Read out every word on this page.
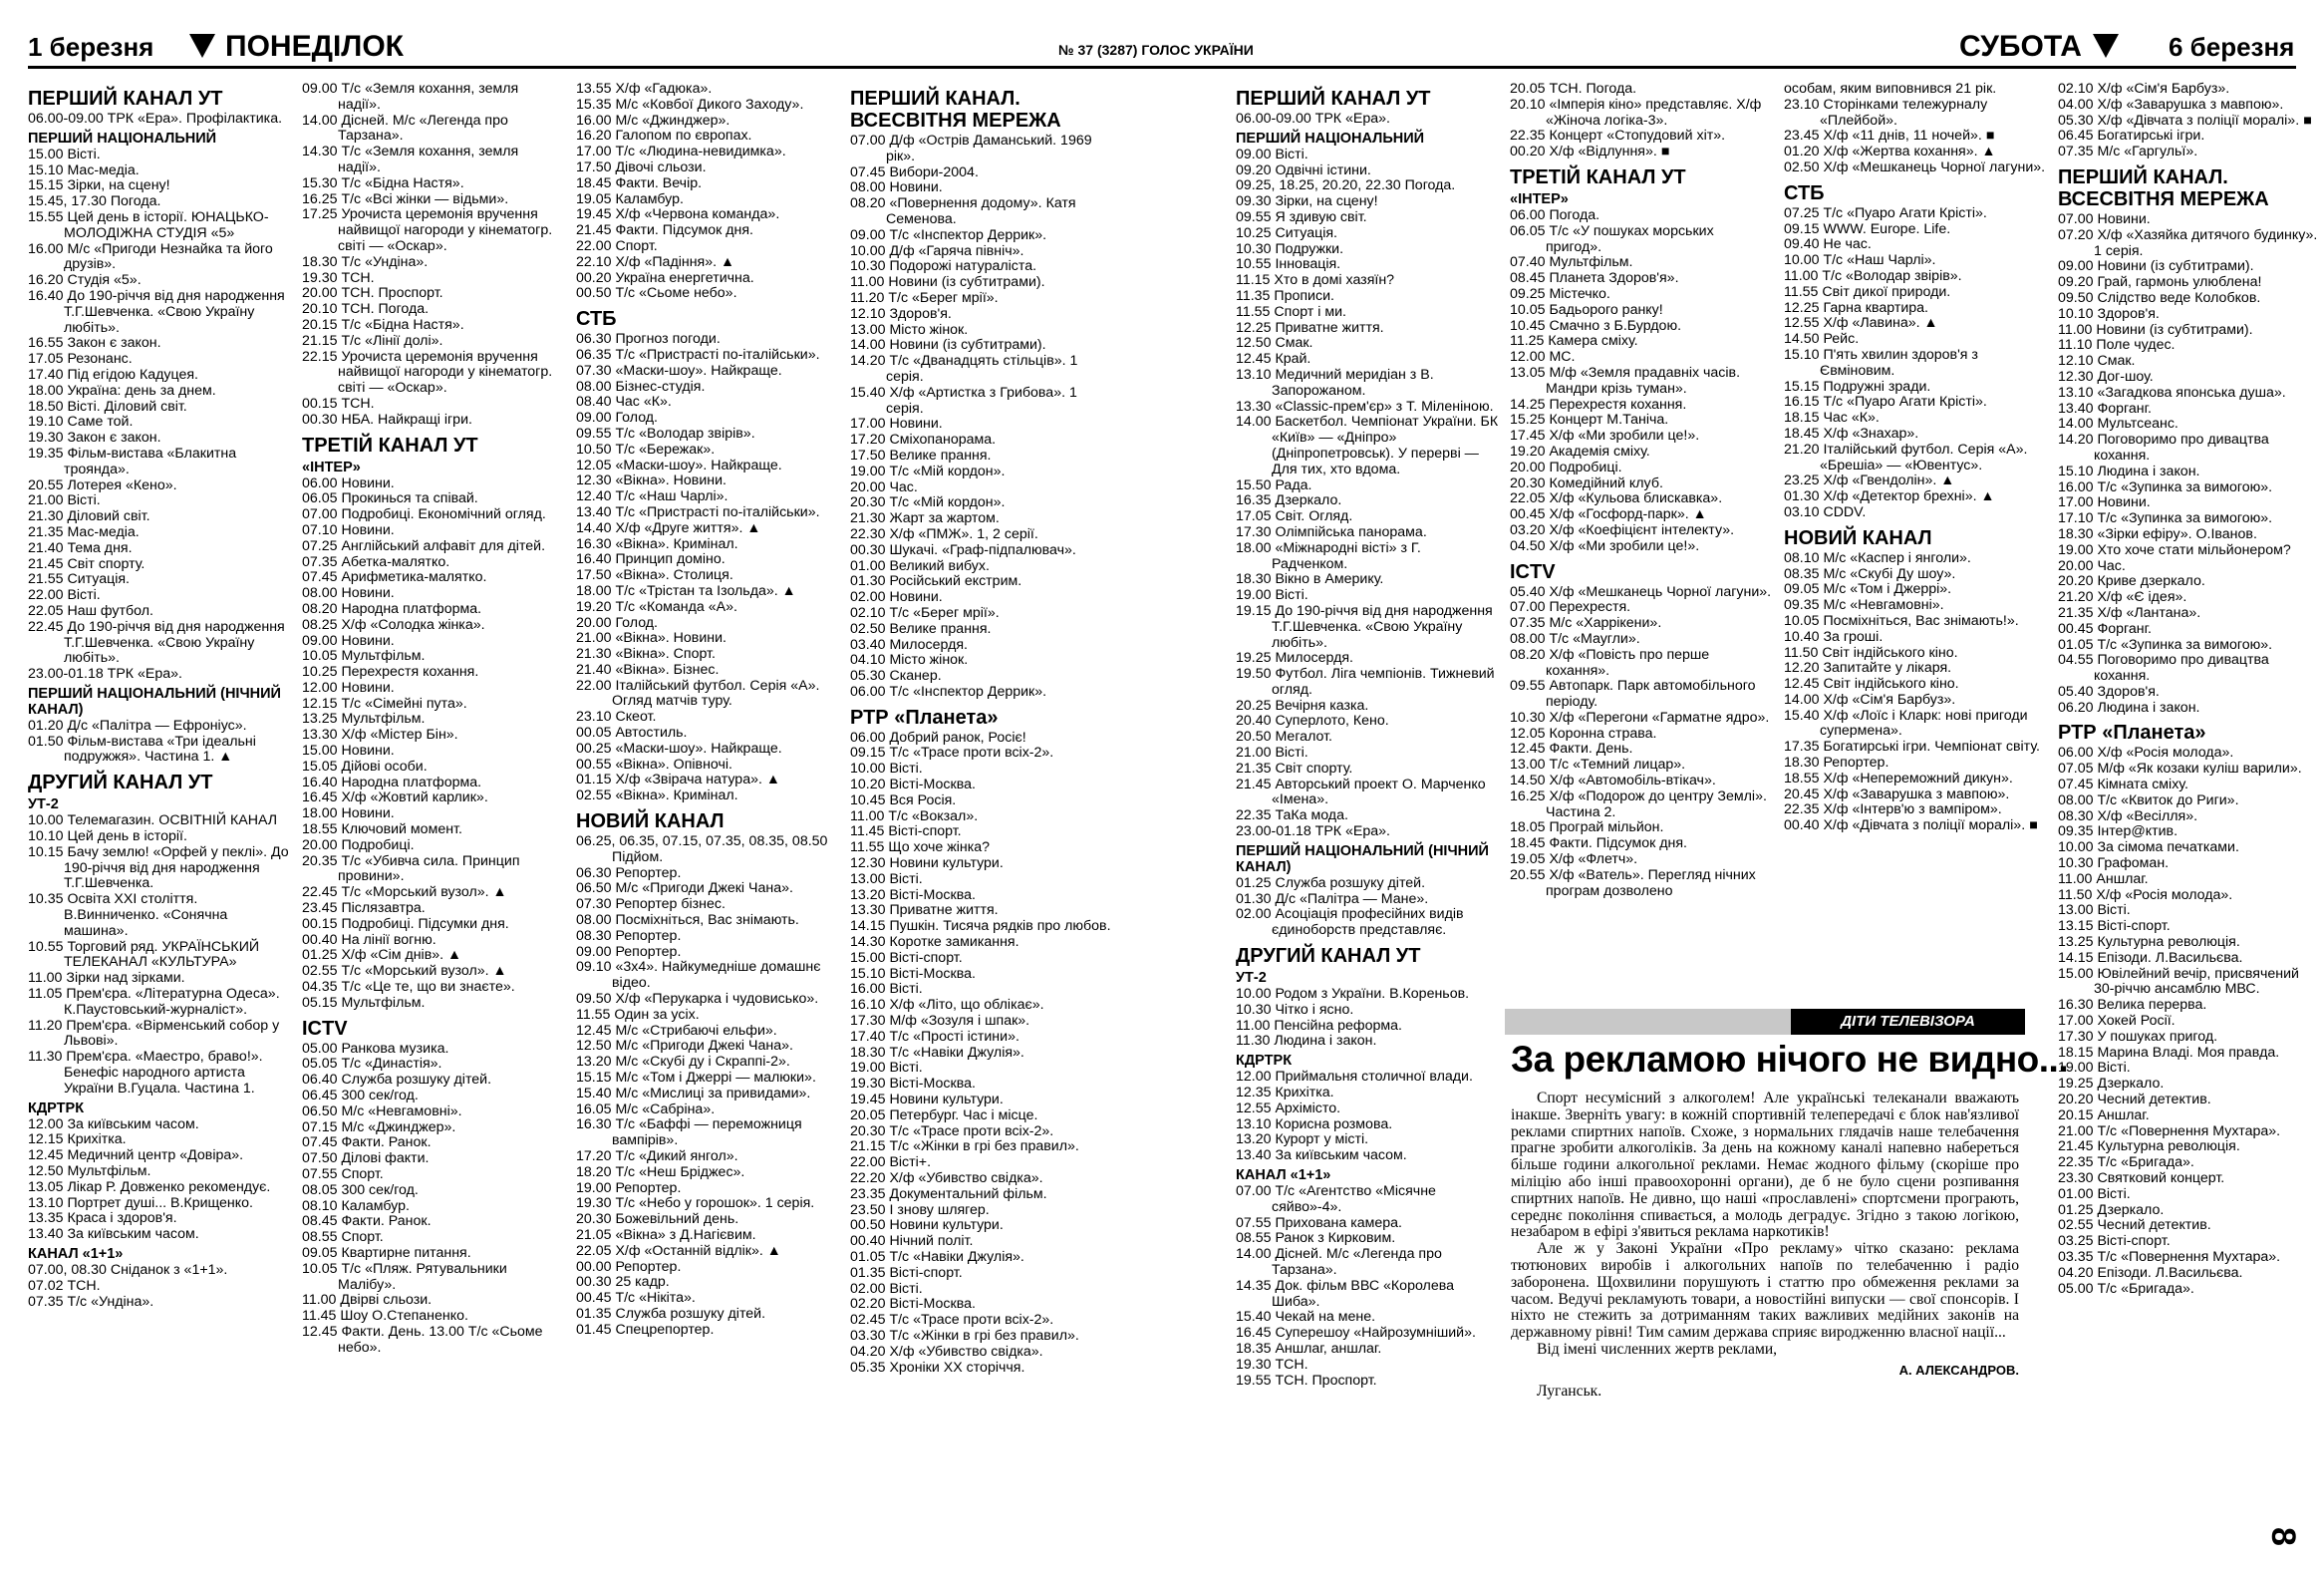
1 березня ПОНЕДІЛОК	№ 37 (3287) ГОЛОС УКРАЇНИ	СУБОТА	6 березня
ПЕРШИЙ КАНАЛ УТ

06.00-09.00 ТРК «Ера». Профілактика.

ПЕРШИЙ НАЦІОНАЛЬНИЙ

15.00 Вісті.

15.10 Мас-медіа.

15.15 Зірки, на сцену!

15.45, 17.30 Погода.

15.55 Цей день в історії. ЮНАЦЬКО-МОЛОДІЖНА СТУДІЯ «5»

16.00 М/с «Пригоди Незнайка та його друзів».

16.20 Студія «5».

16.40 До 190-річчя від дня народження Т.Г.Шевченка. «Свою Україну любіть».

16.55 Закон є закон.

17.05 Резонанс.

17.40 Під егідою Кадуцея.

18.00 Україна: день за днем.

18.50 Вісті. Діловий світ.

19.10 Саме той.

19.30 Закон є закон.

19.35 Фільм-вистава «Блакитна троянда».

20.55 Лотерея «Кено».

21.00 Вісті.

21.30 Діловий світ.

21.35 Мас-медіа.

21.40 Тема дня.

21.45 Світ спорту.

21.55 Ситуація.

22.00 Вісті.

22.05 Наш футбол.

22.45 До 190-річчя від дня народження Т.Г.Шевченка. «Свою Україну любіть».

23.00-01.18 ТРК «Ера».

ПЕРШИЙ НАЦІОНАЛЬНИЙ (НІЧНИЙ КАНАЛ)

01.20 Д/с «Палітра — Ефроніус».

01.50 Фільм-вистава «Три ідеальні подружжя». Частина 1. ▲

ДРУГИЙ КАНАЛ УТ
УТ-2

10.00 Телемагазин. ОСВІТНІЙ КАНАЛ

10.10 Цей день в історії.

10.15 Бачу землю! «Орфей у пеклі». До 190-річчя від дня народження Т.Г.Шевченка.

10.35 Освіта XXI століття. В.Винниченко. «Сонячна машина».

10.55 Торговий ряд. УКРАЇНСЬКИЙ ТЕЛЕКАНАЛ «КУЛЬТУРА»

11.00 Зірки над зірками.

11.05 Прем'єра. «Літературна Одеса». К.Паустовський-журналіст».

11.20 Прем'єра. «Вірменський собор у Львові».

11.30 Прем'єра. «Маестро, браво!». Бенефіс народного артиста України В.Гуцала. Частина 1.

КДРТРК

12.00 За київським часом.

12.15 Крихітка.

12.45 Медичний центр «Довіра».

12.50 Мультфільм.

13.05 Лікар Р. Довженко рекомендує.

13.10 Портрет душі... В.Крищенко.

13.35 Краса і здоров'я.

13.40 За київським часом.

КАНАЛ «1+1»

07.00, 08.30 Сніданок з «1+1».

07.02 ТСН.

07.35 Т/с «Ундіна».

09.00 Т/с «Земля кохання, земля надії».

14.00 Дісней. М/с «Легенда про Тарзана».

14.30 Т/с «Земля кохання, земля надії».

15.30 Т/с «Бідна Настя».

16.25 Т/с «Всі жінки — відьми».

17.25 Урочиста церемонія вручення найвищої нагороди у кінематогр. світі — «Оскар».

18.30 Т/с «Ундіна».

19.30 ТСН.

20.00 ТСН. Проспорт.

20.10 ТСН. Погода.

20.15 Т/с «Бідна Настя».

21.15 Т/с «Лінії долі».

22.15 Урочиста церемонія вручення найвищої нагороди у кінематогр. світі — «Оскар».

00.15 ТСН.

00.30 НБА. Найкращі ігри.

ТРЕТІЙ КАНАЛ УТ
«ІНТЕР»

06.00 Новини.

06.05 Прокинься та співай.

07.00 Подробиці. Економічний огляд.

07.10 Новини.

07.25 Англійський алфавіт для дітей.

07.35 Абетка-малятко.

07.45 Арифметика-малятко.

08.00 Новини.

08.20 Народна платформа.

08.25 Х/ф «Солодка жінка».

09.00 Новини.

10.05 Мультфільм.

10.25 Перехрестя кохання.

12.00 Новини.

12.15 Т/с «Сімейні пута».

13.25 Мультфільм.

13.30 Х/ф «Містер Бін».

15.00 Новини.

15.05 Дійові особи.

16.40 Народна платформа.

16.45 Х/ф «Жовтий карлик».

18.00 Новини.

18.55 Ключовий момент.

20.00 Подробиці.

20.35 Т/с «Убивча сила. Принцип провини».

22.45 Т/с «Морський вузол». ▲

23.45 Післязавтра.

00.15 Подробиці. Підсумки дня.

00.40 На лінії вогню.

01.25 Х/ф «Сім днів». ▲

02.55 Т/с «Морський вузол». ▲

04.35 Т/с «Це те, що ви знаєте».

05.15 Мультфільм.

ICTV

05.00 Ранкова музика.

05.05 Т/с «Династія».

06.40 Служба розшуку дітей.

06.45 300 сек/год.

06.50 М/с «Невгамовні».

07.15 М/с «Джинджер».

07.45 Факти. Ранок.

07.50 Ділові факти.

07.55 Спорт.

08.05 300 сек/год.

08.10 Каламбур.

08.45 Факти. Ранок.

08.55 Спорт.

09.05 Квартирне питання.

10.05 Т/с «Пляж. Рятувальники Малібу».

11.00 Двірві сльози.

11.45 Шоу О.Степаненко.

12.45 Факти. День. 13.00 Т/с «Сьоме небо».

13.55 Х/ф «Гадюка».

15.35 М/с «Ковбої Дикого Заходу».

16.00 М/с «Джинджер».

16.20 Галопом по європах.

17.00 Т/с «Людина-невидимка».

17.50 Дівочі сльози.

18.45 Факти. Вечір.

19.05 Каламбур.

19.45 Х/ф «Червона команда».

21.45 Факти. Підсумок дня.

22.00 Спорт.

22.10 Х/ф «Падіння». ▲

00.20 Україна енергетична.

00.50 Т/с «Сьоме небо».

СТБ

06.30 Прогноз погоди.

06.35 Т/с «Пристрасті по-італійськи».

07.30 «Маски-шоу». Найкраще.

08.00 Бізнес-студія.

08.40 Час «К».

09.00 Голод.

09.55 Т/с «Володар звірів».

10.50 Т/с «Бережак».

12.05 «Маски-шоу». Найкраще.

12.30 «Вікна». Новини.

12.40 Т/с «Наш Чарлі».

13.40 Т/с «Пристрасті по-італійськи».

14.40 Х/ф «Друге життя». ▲

16.30 «Вікна». Кримінал.

16.40 Принцип доміно.

17.50 «Вікна». Столиця.

18.00 Т/с «Трістан та Ізольда». ▲

19.20 Т/с «Команда «А».

20.00 Голод.

21.00 «Вікна». Новини.

21.30 «Вікна». Спорт.

21.40 «Вікна». Бізнес.

22.00 Італійський футбол. Серія «А». Огляд матчів туру.

23.10 Скеот.

00.05 Автостиль.

00.25 «Маски-шоу». Найкраще.

00.55 «Вікна». Опівночі.

01.15 Х/ф «Звірача натура». ▲

02.55 «Вікна». Кримінал.

НОВИЙ КАНАЛ

06.25, 06.35, 07.15, 07.35, 08.35, 08.50 Підйом.

06.30 Репортер.

06.50 М/с «Пригоди Джекі Чана».

07.30 Репортер бізнес.

08.00 Посміхніться, Вас знімають.

08.30 Репортер.

09.00 Репортер.

09.10 «3х4». Найкумедніше домашнє відео.

09.50 Х/ф «Перукарка і чудовисько».

11.55 Один за усіх.

12.45 М/с «Стрибаючі ельфи».

12.50 М/с «Пригоди Джекі Чана».

13.20 М/с «Скубі ду і Скраппі-2».

15.15 М/с «Том і Джеррі — малюки».

15.40 М/с «Мислиці за привидами».

16.05 М/с «Сабріна».

16.30 Т/с «Баффі — переможниця вампірів».

17.20 Т/с «Дикий янгол».

18.20 Т/с «Неш Бріджес».

19.00 Репортер.

19.30 Т/с «Небо у горошок». 1 серія.

20.30 Божевільний день.

21.05 «Вікна» з Д.Нагієвим.

22.05 Х/ф «Останній відлік». ▲

00.00 Репортер.

00.30 25 кадр.

00.45 Т/с «Нікіта».

01.35 Служба розшуку дітей.

01.45 Спецрепортер.

ПЕРШИЙ КАНАЛ. ВСЕСВІТНЯ МЕРЕЖА

07.00 Д/ф «Острів Даманський. 1969 рік».

07.45 Вибори-2004.

08.00 Новини.

08.20 «Повернення додому». Катя Семенова.

09.00 Т/с «Інспектор Деррик».

10.00 Д/ф «Гаряча північ».

10.30 Подорожі натураліста.

11.00 Новини (із субтитрами).

11.20 Т/с «Берег мрії».

12.10 Здоров'я.

13.00 Місто жінок.

14.00 Новини (із субтитрами).

14.20 Т/с «Дванадцять стільців». 1 серія.

15.40 Х/ф «Артистка з Грибова». 1 серія.

17.00 Новини.

17.20 Сміхопанорама.

17.50 Велике прання.

19.00 Т/с «Мій кордон».

20.00 Час.

20.30 Т/с «Мій кордон».

21.30 Жарт за жартом.

22.30 Х/ф «ПМЖ». 1, 2 серії.

00.30 Шукачі. «Граф-підпалювач».

01.00 Великий вибух.

01.30 Російський екстрим.

02.00 Новини.

02.10 Т/с «Берег мрії».

02.50 Велике прання.

03.40 Милосердя.

04.10 Місто жінок.

05.30 Сканер.

06.00 Т/с «Інспектор Деррик».

РТР «Планета»

06.00 Добрий ранок, Росіє!

09.15 Т/с «Трасе проти всіх-2».

10.00 Вісті.

10.20 Вісті-Москва.

10.45 Вся Росія.

11.00 Т/с «Вокзал».

11.45 Вісті-спорт.

11.55 Що хоче жінка?

12.30 Новини культури.

13.00 Вісті.

13.20 Вісті-Москва.

13.30 Приватне життя.

14.15 Пушкін. Тисяча рядків про любов.

14.30 Коротке замикання.

15.00 Вісті-спорт.

15.10 Вісті-Москва.

16.00 Вісті.

16.10 Х/ф «Літо, що облікає».

17.30 М/ф «Зозуля і шпак».

17.40 Т/с «Прості істини».

18.30 Т/с «Навіки Джулія».

19.00 Вісті.

19.30 Вісті-Москва.

19.45 Новини культури.

20.05 Петербург. Час і місце.

20.30 Т/с «Трасе проти всіх-2».

21.15 Т/с «Жінки в грі без правил».

22.00 Вісті+.

22.20 Х/ф «Убивство свідка».

23.35 Документальний фільм.

23.50 І знову шлягер.

00.50 Новини культури.

00.40 Нічний політ.

01.05 Т/с «Навіки Джулія».

01.35 Вісті-спорт.

02.00 Вісті.

02.20 Вісті-Москва.

02.45 Т/с «Трасе проти всіх-2».

03.30 Т/с «Жінки в грі без правил».

04.20 Х/ф «Убивство свідка».

05.35 Хроніки XX сторіччя.

ПЕРШИЙ КАНАЛ УТ

06.00-09.00 ТРК «Ера».

ПЕРШИЙ НАЦІОНАЛЬНИЙ

09.00 Вісті.

09.20 Одвічні істини.

09.25, 18.25, 20.20, 22.30 Погода.

09.30 Зірки, на сцену!

09.55 Я здивую світ.

10.25 Ситуація.

10.30 Подружки.

10.55 Інновація.

11.15 Хто в домі хазяїн?

11.35 Прописи.

11.55 Спорт і ми.

12.25 Приватне життя.

12.50 Смак.

12.45 Край.

13.10 Медичний меридіан з В. Запорожаном.

13.30 «Classic-прем'єр» з Т. Міленіною.

14.00 Баскетбол. Чемпіонат України. БК «Київ» — «Дніпро» (Дніпропетровськ). У перерві — Для тих, хто вдома.

15.50 Рада.

16.35 Дзеркало.

17.05 Світ. Огляд.

17.30 Олімпійська панорама.

18.00 «Міжнародні вісті» з Г. Радченком.

18.30 Вікно в Америку.

19.00 Вісті.

19.15 До 190-річчя від дня народження Т.Г.Шевченка. «Свою Україну любіть».

19.25 Милосердя.

19.50 Футбол. Ліга чемпіонів. Тижневий огляд.

20.25 Вечірня казка.

20.40 Суперлото, Кено.

20.50 Мегалот.

21.00 Вісті.

21.35 Світ спорту.

21.45 Авторський проект О. Марченко «Імена».

22.35 ТаКа мода.

23.00-01.18 ТРК «Ера».

ПЕРШИЙ НАЦІОНАЛЬНИЙ (НІЧНИЙ КАНАЛ)

01.25 Служба розшуку дітей.

01.30 Д/с «Палітра — Мане».

02.00 Асоціація професійних видів єдиноборств представляє.

ДРУГИЙ КАНАЛ УТ
УТ-2

10.00 Родом з України. В.Кореньов.

10.30 Чітко і ясно.

11.00 Пенсійна реформа.

11.30 Людина і закон.

КДРТРК

12.00 Приймальня столичної влади.

12.35 Крихітка.

12.55 Архімісто.

13.10 Корисна розмова.

13.20 Курорт у місті.

13.40 За київським часом.

КАНАЛ «1+1»

07.00 Т/с «Агентство «Місячне сяйво»-4».

07.55 Прихована камера.

08.55 Ранок з Кирковим.

14.00 Дісней. М/с «Легенда про Тарзана».

14.35 Док. фільм ВВС «Королева Шиба».

15.40 Чекай на мене.

16.45 Суперешоу «Найрозумніший».

18.35 Аншлаг, аншлаг.

19.30 ТСН.

19.55 ТСН. Проспорт.

20.05 ТСН. Погода.

20.10 «Імперія кіно» представляє. Х/ф «Жіноча логіка-3».

22.35 Концерт «Стопудовий хіт».

00.20 Х/ф «Відлуння». ■

ТРЕТІЙ КАНАЛ УТ
«ІНТЕР»

06.00 Погода.

06.05 Т/с «У пошуках морських пригод».

07.40 Мультфільм.

08.45 Планета Здоров'я».

09.25 Містечко.

10.05 Бадьорого ранку!

10.45 Смачно з Б.Бурдою.

11.25 Камера сміху.

12.00 МС.

13.05 М/ф «Земля прадавніх часів. Мандри крізь туман».

14.25 Перехрестя кохання.

15.25 Концерт М.Таніча.

17.45 Х/ф «Ми зробили це!».

19.20 Академія сміху.

20.00 Подробиці.

20.30 Комедійний клуб.

22.05 Х/ф «Кульова блискавка».

00.45 Х/ф «Госфорд-парк». ▲

03.20 Х/ф «Коефіцієнт інтелекту».

04.50 Х/ф «Ми зробили це!».

ICTV

05.40 Х/ф «Мешканець Чорної лагуни».

07.00 Перехрестя.

07.35 М/с «Харрікени».

08.00 Т/с «Маугли».

08.20 Х/ф «Повість про перше кохання».

09.55 Автопарк. Парк автомобільного періоду.

10.30 Х/ф «Перегони «Гарматне ядро».

12.05 Коронна страва.

12.45 Факти. День.

13.00 Т/с «Темний лицар».

14.50 Х/ф «Автомобіль-втікач».

16.25 Х/ф «Подорож до центру Землі». Частина 2.

18.05 Програй мільйон.

18.45 Факти. Підсумок дня.

19.05 Х/ф «Флетч».

20.55 Х/ф «Ватель». Перегляд нічних програм дозволено

особам, яким виповнився 21 рік.

23.10 Сторінками тележурналу «Плейбой».

23.45 Х/ф «11 днів, 11 ночей». ■

01.20 Х/ф «Жертва кохання». ▲

02.50 Х/ф «Мешканець Чорної лагуни».

СТБ

07.25 Т/с «Пуаро Агати Крісті».

09.15 WWW. Europe. Life.

09.40 Не час.

10.00 Т/с «Наш Чарлі».

11.00 Т/с «Володар звірів».

11.55 Світ дикої природи.

12.25 Гарна квартира.

12.55 Х/ф «Лавина». ▲

14.50 Рейс.

15.10 П'ять хвилин здоров'я з Євміновим.

15.15 Подружні зради.

16.15 Т/с «Пуаро Агати Крісті».

18.15 Час «К».

18.45 Х/ф «Знахар».

21.20 Італійський футбол. Серія «А». «Брешіа» — «Ювентус».

23.25 Х/ф «Гвендолін». ▲

01.30 Х/ф «Детектор брехні». ▲

03.10 CDDV.

НОВИЙ КАНАЛ

08.10 М/с «Каспер і янголи».

08.35 М/с «Скубі Ду шоу».

09.05 М/с «Том і Джеррі».

09.35 М/с «Невгамовні».

10.05 Посміхніться, Вас знімають!».

10.40 За гроші.

11.50 Світ індійського кіно.

12.20 Запитайте у лікаря.

12.45 Світ індійського кіно.

14.00 Х/ф «Сім'я Барбуз».

15.40 Х/ф «Лоїс і Кларк: нові пригоди супермена».

17.35 Богатирські ігри. Чемпіонат світу.

18.30 Репортер.

18.55 Х/ф «Непереможний дикун».

20.45 Х/ф «Заварушка з мавпою».

22.35 Х/ф «Інтерв'ю з вампіром».

00.40 Х/ф «Дівчата з поліції моралі». ■

02.10 Х/ф «Сім'я Барбуз».

04.00 Х/ф «Заварушка з мавпою».

05.30 Х/ф «Дівчата з поліції моралі». ■

06.45 Богатирські ігри.

07.35 М/с «Гаргульї».

ПЕРШИЙ КАНАЛ. ВСЕСВІТНЯ МЕРЕЖА

07.00 Новини.

07.20 Х/ф «Хазяйка дитячого будинку». 1 серія.

09.00 Новини (із субтитрами).

09.20 Грай, гармонь улюблена!

09.50 Слідство веде Колобков.

10.10 Здоров'я.

11.00 Новини (із субтитрами).

11.10 Поле чудес.

12.10 Смак.

12.30 Дог-шоу.

13.10 «Загадкова японська душа».

13.40 Форганг.

14.00 Мультсеанс.

14.20 Поговоримо про дивацтва кохання.

15.10 Людина і закон.

16.00 Т/с «Зупинка за вимогою».

17.00 Новини.

17.10 Т/с «Зупинка за вимогою».

18.30 «Зірки ефіру». О.Іванов.

19.00 Хто хоче стати мільйонером?

20.00 Час.

20.20 Криве дзеркало.

21.20 Х/ф «Є ідея».

21.35 Х/ф «Лантана».

00.45 Форганг.

01.05 Т/с «Зупинка за вимогою».

04.55 Поговоримо про дивацтва кохання.

05.40 Здоров'я.

06.20 Людина і закон.

РТР «Планета»

06.00 Х/ф «Росія молода».

07.05 М/ф «Як козаки куліш варили».

07.45 Кімната сміху.

08.00 Т/с «Квиток до Риги».

08.30 Х/ф «Весілля».

09.35 Інтер@ктив.

10.00 За сімома печатками.

10.30 Графоман.

11.00 Аншлаг.

11.50 Х/ф «Росія молода».

13.00 Вісті.

13.15 Вісті-спорт.

13.25 Культурна революція.

14.15 Епізоди. Л.Васильєва.

15.00 Ювілейний вечір, присвячений 30-річчю ансамблю МВС.

16.30 Велика перерва.

17.00 Хокей Росії.

17.30 У пошуках пригод.

18.15 Марина Владі. Моя правда.

19.00 Вісті.

19.25 Дзеркало.

20.20 Чесний детектив.

20.15 Аншлаг.

21.00 Т/с «Повернення Мухтара».

21.45 Культурна революція.

22.35 Т/с «Бригада».

23.30 Святковий концерт.

01.00 Вісті.

01.25 Дзеркало.

02.55 Чесний детектив.

03.25 Вісті-спорт.

03.35 Т/с «Повернення Мухтара».

04.20 Епізоди. Л.Васильєва.

05.00 Т/с «Бригада».

ДІТИ ТЕЛЕВІЗОРА
За рекламою нічого не видно...

Спорт несумісний з алкоголем! Але українські телеканали вважають інакше. Зверніть увагу: в кожній спортивній телепередачі є блок нав'язливої реклами спиртних напоїв. Схоже, з нормальних глядачів наше телебачення прагне зробити алкоголіків. За день на кожному каналі напевно набереться більше години алкогольної реклами. Немає жодного фільму (скоріше про міліцію або інші правоохоронні органи), де б не було сцени розпивання спиртних напоїв. Не дивно, що наші «прославлені» спортсмени програють, середнє покоління спивається, а молодь деградує. Згідно з такою логікою, незабаром в ефірі з'явиться реклама наркотиків!

Але ж у Законі України «Про рекламу» чітко сказано: реклама тютюнових виробів і алкогольних напоїв по телебаченню і радіо заборонена. Щохвилини порушують і статтю про обмеження реклами за часом. Ведучі рекламують товари, а новостійні випуски — свої спонсорів. І ніхто не стежить за дотриманням таких важливих медійних законів на державному рівні! Тим самим держава сприяє виродженню власної нації...

Від імені численних жертв реклами,

А. АЛЕКСАНДРОВ.

Луганськ.

8
